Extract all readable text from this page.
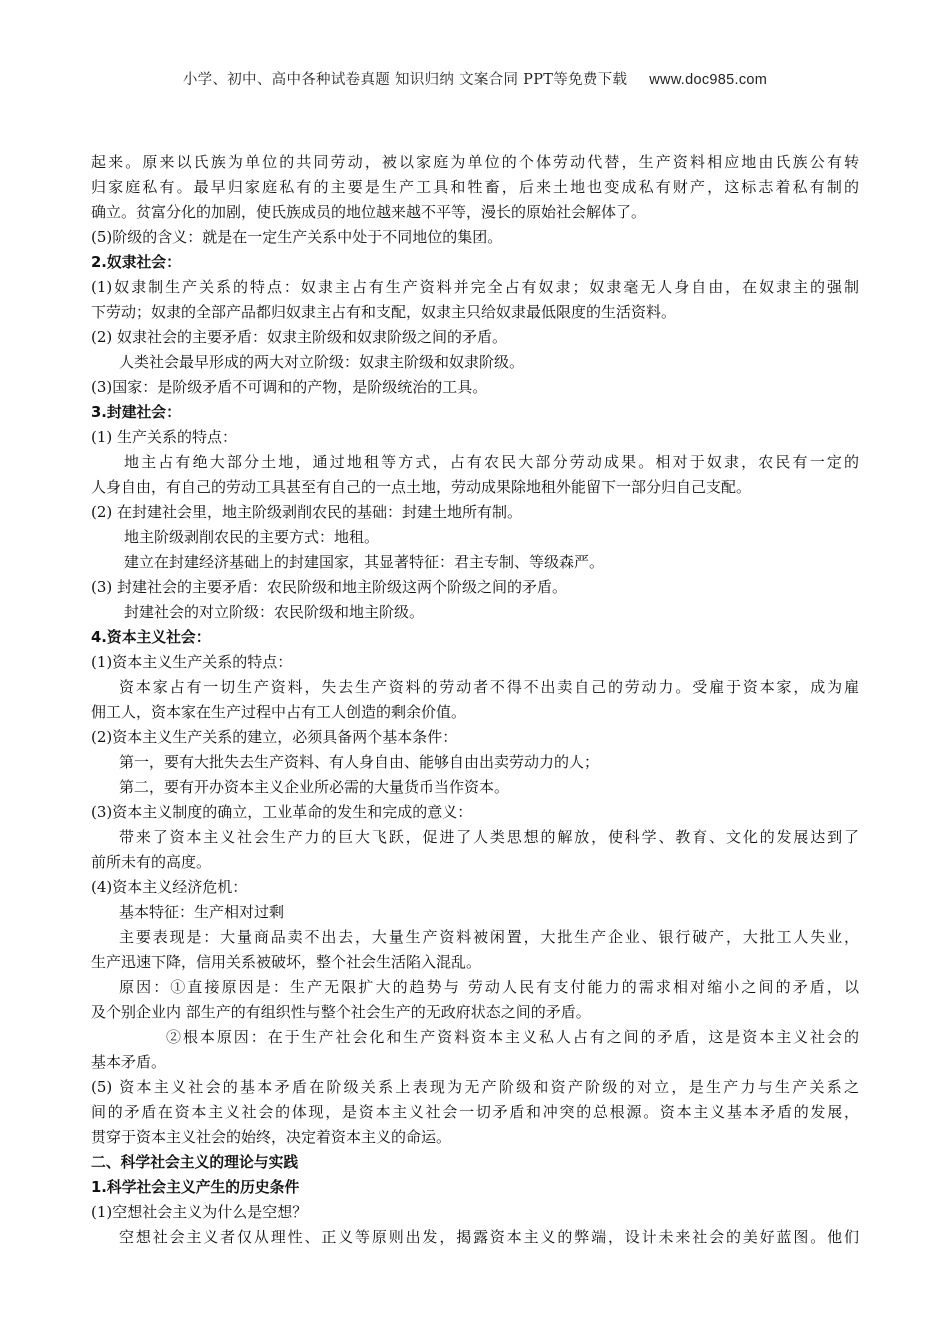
小学、初中、高中各种试卷真题 知识归纳 文案合同 PPT等免费下载 www.doc985.com
起来。原来以氏族为单位的共同劳动，被以家庭为单位的个体劳动代替，生产资料相应地由氏族公有转
归家庭私有。最早归家庭私有的主要是生产工具和牲畜，后来土地也变成私有财产，这标志着私有制的
确立。贫富分化的加剧，使氏族成员的地位越来越不平等，漫长的原始社会解体了。
(5)阶级的含义：就是在一定生产关系中处于不同地位的集团。
2.奴隶社会：
(1)奴隶制生产关系的特点：奴隶主占有生产资料并完全占有奴隶；奴隶毫无人身自由，在奴隶主的强制
下劳动；奴隶的全部产品都归奴隶主占有和支配，奴隶主只给奴隶最低限度的生活资料。
(2) 奴隶社会的主要矛盾：奴隶主阶级和奴隶阶级之间的矛盾。
人类社会最早形成的两大对立阶级：奴隶主阶级和奴隶阶级。
(3)国家：是阶级矛盾不可调和的产物，是阶级统治的工具。
3.封建社会：
(1) 生产关系的特点：
地主占有绝大部分土地，通过地租等方式，占有农民大部分劳动成果。相对于奴隶，农民有一定的
人身自由，有自己的劳动工具甚至有自己的一点土地，劳动成果除地租外能留下一部分归自己支配。
(2) 在封建社会里，地主阶级剥削农民的基础：封建土地所有制。
地主阶级剥削农民的主要方式：地租。
建立在封建经济基础上的封建国家，其显著特征：君主专制、等级森严。
(3) 封建社会的主要矛盾：农民阶级和地主阶级这两个阶级之间的矛盾。
封建社会的对立阶级：农民阶级和地主阶级。
4.资本主义社会：
(1)资本主义生产关系的特点：
资本家占有一切生产资料，失去生产资料的劳动者不得不出卖自己的劳动力。受雇于资本家，成为雇
佣工人，资本家在生产过程中占有工人创造的剩余价值。
(2)资本主义生产关系的建立，必须具备两个基本条件：
第一，要有大批失去生产资料、有人身自由、能够自由出卖劳动力的人；
第二，要有开办资本主义企业所必需的大量货币当作资本。
(3)资本主义制度的确立，工业革命的发生和完成的意义：
带来了资本主义社会生产力的巨大飞跃，促进了人类思想的解放，使科学、教育、文化的发展达到了
前所未有的高度。
(4)资本主义经济危机：
基本特征：生产相对过剩
主要表现是：大量商品卖不出去，大量生产资料被闲置，大批生产企业、银行破产，大批工人失业，
生产迅速下降，信用关系被破坏，整个社会生活陷入混乱。
原因：①直接原因是：生产无限扩大的趋势与 劳动人民有支付能力的需求相对缩小之间的矛盾，以
及个别企业内 部生产的有组织性与整个社会生产的无政府状态之间的矛盾。
②根本原因：在于生产社会化和生产资料资本主义私人占有之间的矛盾，这是资本主义社会的
基本矛盾。
(5) 资本主义社会的基本矛盾在阶级关系上表现为无产阶级和资产阶级的对立，是生产力与生产关系之
间的矛盾在资本主义社会的体现，是资本主义社会一切矛盾和冲突的总根源。资本主义基本矛盾的发展，
贯穿于资本主义社会的始终，决定着资本主义的命运。
二、科学社会主义的理论与实践
1.科学社会主义产生的历史条件
(1)空想社会主义为什么是空想？
空想社会主义者仅从理性、正义等原则出发，揭露资本主义的弊端，设计未来社会的美好蓝图。他们
